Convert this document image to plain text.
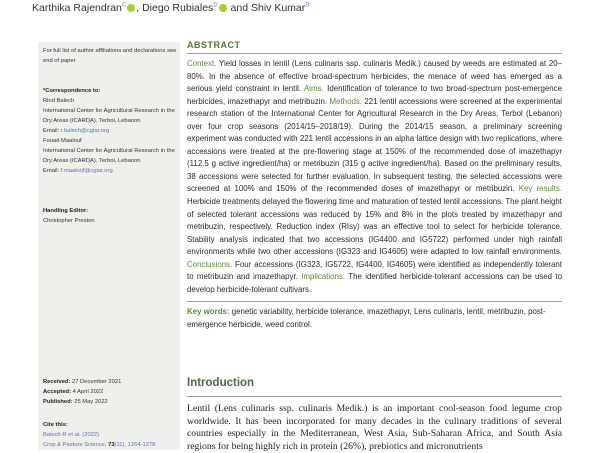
Karthika Rajendran$^C$ , Diego Rubiales$^D$ and Shiv Kumar$^B$
For full list of author affiliations and declarations see end of paper
*Correspondence to:
Rind Balech
International Center for Agricultural Research in the Dry Areas (ICARDA), Terbol, Lebanon
Email: r.balech@cgiar.org
Fouad Maalouf
International Center for Agricultural Research in the Dry Areas (ICARDA), Terbol, Lebanon
Email: f.maalouf@cgiar.org
Handling Editor:
Christopher Preston
Received: 27 December 2021
Accepted: 4 April 2022
Published: 25 May 2022
Cite this:
Balech R et al. (2022)
Crop & Pasture Science, 73(11), 1264-1278.
ABSTRACT
Context. Yield losses in lentil (Lens culinaris ssp. culinaris Medik.) caused by weeds are estimated at 20–80%. In the absence of effective broad-spectrum herbicides, the menace of weed has emerged as a serious yield constraint in lentil. Aims. Identification of tolerance to two broad-spectrum post-emergence herbicides, imazethapyr and metribuzin. Methods. 221 lentil accessions were screened at the experimental research station of the International Center for Agricultural Research in the Dry Areas, Terbol (Lebanon) over four crop seasons (2014/15–2018/19). During the 2014/15 season, a preliminary screening experiment was conducted with 221 lentil accessions in an alpha lattice design with two replications, where accessions were treated at the pre-flowering stage at 150% of the recommended dose of imazethapyr (112.5 g active ingredient/ha) or metribuzin (315 g active ingredient/ha). Based on the preliminary results, 38 accessions were selected for further evaluation. In subsequent testing, the selected accessions were screened at 100% and 150% of the recommended doses of imazethapyr or metribuzin. Key results. Herbicide treatments delayed the flowering time and maturation of tested lentil accessions. The plant height of selected tolerant accessions was reduced by 15% and 8% in the plots treated by imazethapyr and metribuzin, respectively. Reduction index (RIsy) was an effective tool to select for herbicide tolerance. Stability analysis indicated that two accessions (IG4400 and IG5722) performed under high rainfall environments while two other accessions (IG323 and IG4605) were adapted to low rainfall environments. Conclusions. Four accessions (IG323, IG5722, IG4400, IG4605) were identified as independently tolerant to metribuzin and imazethapyr. Implications. The identified herbicide-tolerant accessions can be used to develop herbicide-tolerant cultivars.
Key words: genetic variability, herbicide tolerance, imazethapyr, Lens culinaris, lentil, metribuzin, post-emergence herbicide, weed control.
Introduction
Lentil (Lens culinaris ssp. culinaris Medik.) is an important cool-season food legume crop worldwide. It has been incorporated for many decades in the culinary traditions of several countries especially in the Mediterranean, West Asia, Sub-Saharan Africa, and South Asia regions for being highly rich in protein (26%), prebiotics and micronutrients
